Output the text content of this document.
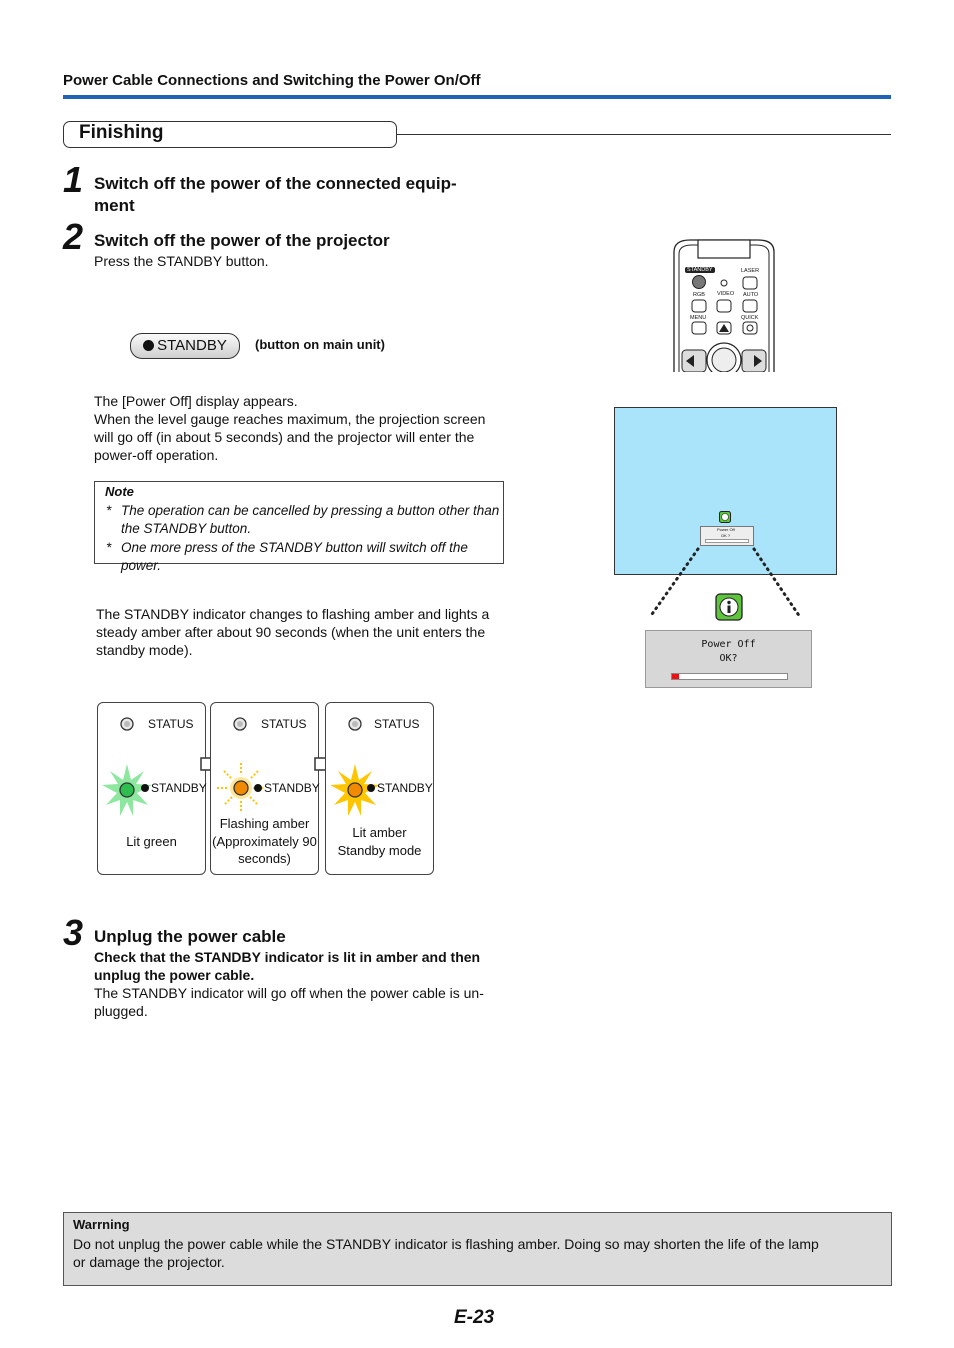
Power Cable Connections and Switching the Power On/Off
Finishing
1 Switch off the power of the connected equip-
ment
2 Switch off the power of the projector
Press the STANDBY button.
STANDBY	(button on main unit)
The [Power Off] display appears.
When the level gauge reaches maximum, the projection screen
will go off (in about 5 seconds) and the projector will enter the
power-off operation.
Note
* The operation can be cancelled by pressing a button other than
the STANDBY button.
* One more press of the STANDBY button will switch off the power.
The STANDBY indicator changes to flashing amber and lights a
steady amber after about 90 seconds (when the unit enters the
standby mode).
STATUS
STANDBY
Lit green
STATUS
STANDBY
Flashing amber
(Approximately 90
seconds)
STATUS
STANDBY
Lit amber
Standby mode
3 Unplug the power cable
Check that the STANDBY indicator is lit in amber and then
unplug the power cable.
The STANDBY indicator will go off when the power cable is un-
plugged.
STANDBY	LASER
RGB VIDEO AUTO
MENU	QUICK
Power Off
OK ?
Power Off
OK?
Warrning
Do not unplug the power cable while the STANDBY indicator is flashing amber. Doing so may shorten the life of the lamp
or damage the projector.
E-23
